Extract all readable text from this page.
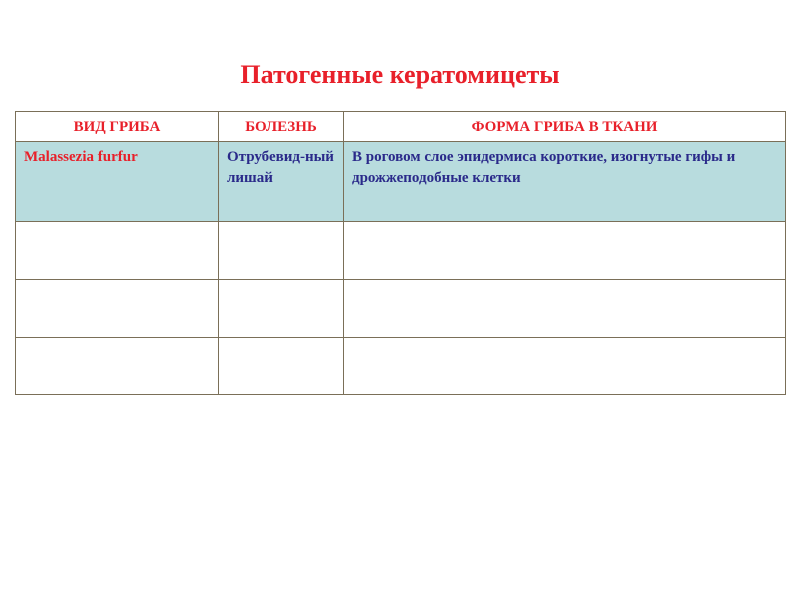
Патогенные кератомицеты
ВИД ГРИБА	БОЛЕЗНЬ	ФОРМА ГРИБА В ТКАНИ
Malassezia furfur	Отрубевид-ный лишай	В роговом слое эпидермиса короткие, изогнутые гифы и дрожжеподобные клетки
